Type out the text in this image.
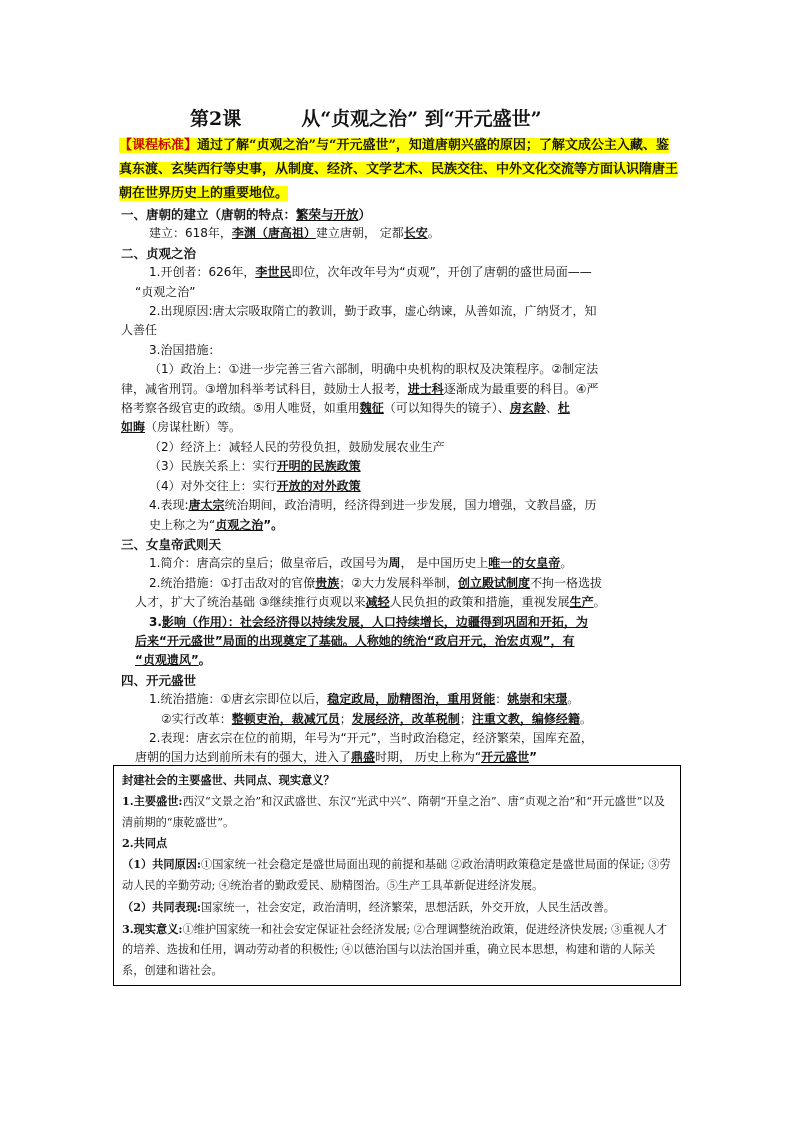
第2课	从“贞观之治” 到“开元盛世”
【课程标准】通过了解“贞观之治”与“开元盛世”，知道唐朝兴盛的原因；了解文成公主入藏、鉴真东渡、玄奘西行等史事，从制度、经济、文学艺术、民族交往、中外文化交流等方面认识隋唐王朝在世界历史上的重要地位。

一、唐朝的建立（唐朝的特点：繁荣与开放）

建立：618年，李渊（唐高祖）建立唐朝， 定都长安。

二、贞观之治

1.开创者：626年，李世民即位，次年改年号为“贞观”，开创了唐朝的盛世局面——

“贞观之治”

2.出现原因:唐太宗吸取隋亡的教训，勤于政事，虚心纳谏，从善如流，广纳贤才，知

人善任

3.治国措施：

（1）政治上：①进一步完善三省六部制，明确中央机构的职权及决策程序。②制定法

律，减省刑罚。③增加科举考试科目，鼓励士人报考，进士科逐渐成为最重要的科目。④严

格考察各级官吏的政绩。⑤用人唯贤，如重用魏征（可以知得失的镜子）、房玄龄、杜

如晦（房谋杜断）等。

（2）经济上：减轻人民的劳役负担，鼓励发展农业生产

（3）民族关系上：实行开明的民族政策

（4）对外交往上：实行开放的对外政策

4.表现:唐太宗统治期间，政治清明，经济得到进一步发展，国力增强，文教昌盛，历

史上称之为“贞观之治”。

三、女皇帝武则天

1.简介：唐高宗的皇后；做皇帝后，改国号为周， 是中国历史上唯一的女皇帝。

2.统治措施：①打击敌对的官僚贵族；②大力发展科举制，创立殿试制度不拘一格选拔

人才，扩大了统治基础 ③继续推行贞观以来减轻人民负担的政策和措施，重视发展生产。

3.影响（作用）：社会经济得以持续发展，人口持续增长，边疆得到巩固和开拓，为

后来“开元盛世”局面的出现奠定了基础。人称她的统治“政启开元，治宏贞观”，有

“贞观遗风”。

四、开元盛世

1.统治措施：①唐玄宗即位以后，稳定政局，励精图治，重用贤能：姚崇和宋璟。

②实行改革：整顿吏治，裁减冗员；发展经济，改革税制；注重文教，编修经籍。

2.表现：唐玄宗在位的前期，年号为“开元”，当时政治稳定，经济繁荣，国库充盈，

唐朝的国力达到前所未有的强大，进入了鼎盛时期， 历史上称为“开元盛世”

封建社会的主要盛世、共同点、现实意义？

1.主要盛世:西汉“文景之治”和汉武盛世、东汉“光武中兴”、隋朝“开皇之治”、唐“贞观之治”和“开元盛世”以及清前期的“康乾盛世”。

2.共同点

（1）共同原因:①国家统一社会稳定是盛世局面出现的前提和基础 ②政治清明政策稳定是盛世局面的保证; ③劳动人民的辛勤劳动; ④统治者的勤政爱民、励精图治。⑤生产工具革新促进经济发展。

（2）共同表现:国家统一，社会安定，政治清明，经济繁荣，思想活跃，外交开放，人民生活改善。

3.现实意义:①维护国家统一和社会安定保证社会经济发展; ②合理调整统治政策，促进经济快发展; ③重视人才的培养、选拔和任用，调动劳动者的积极性; ④以德治国与以法治国并重，确立民本思想，构建和谐的人际关系，创建和谐社会。
